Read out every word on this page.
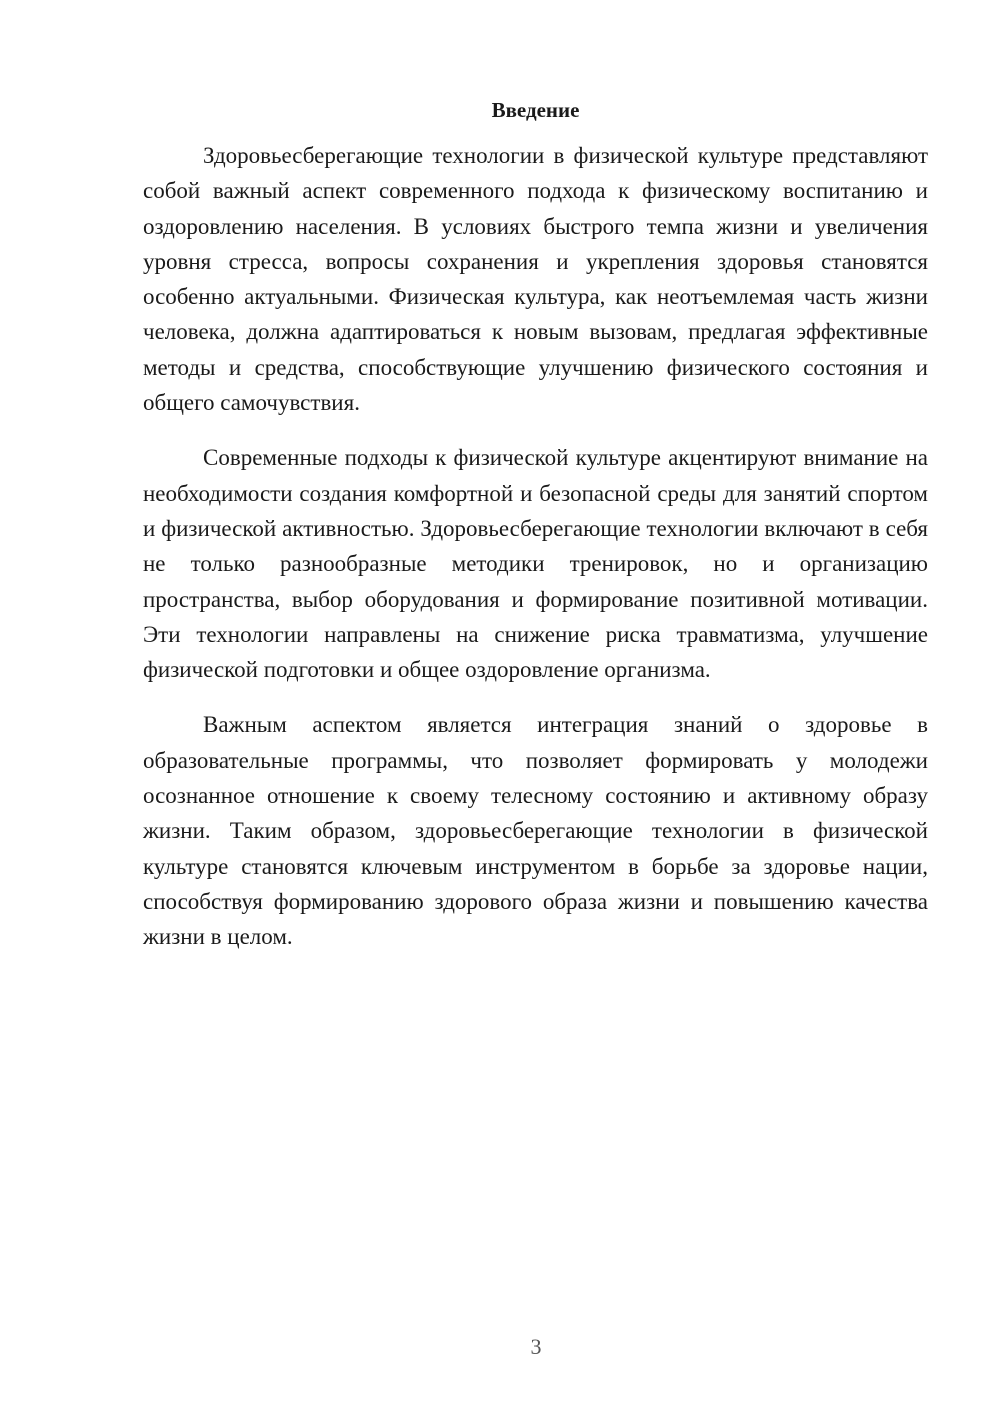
Введение

Здоровьесберегающие технологии в физической культуре представляют собой важный аспект современного подхода к физическому воспитанию и оздоровлению населения. В условиях быстрого темпа жизни и увеличения уровня стресса, вопросы сохранения и укрепления здоровья становятся особенно актуальными. Физическая культура, как неотъемлемая часть жизни человека, должна адаптироваться к новым вызовам, предлагая эффективные методы и средства, способствующие улучшению физического состояния и общего самочувствия.

Современные подходы к физической культуре акцентируют внимание на необходимости создания комфортной и безопасной среды для занятий спортом и физической активностью. Здоровьесберегающие технологии включают в себя не только разнообразные методики тренировок, но и организацию пространства, выбор оборудования и формирование позитивной мотивации. Эти технологии направлены на снижение риска травматизма, улучшение физической подготовки и общее оздоровление организма.

Важным аспектом является интеграция знаний о здоровье в образовательные программы, что позволяет формировать у молодежи осознанное отношение к своему телесному состоянию и активному образу жизни. Таким образом, здоровьесберегающие технологии в физической культуре становятся ключевым инструментом в борьбе за здоровье нации, способствуя формированию здорового образа жизни и повышению качества жизни в целом.

3
